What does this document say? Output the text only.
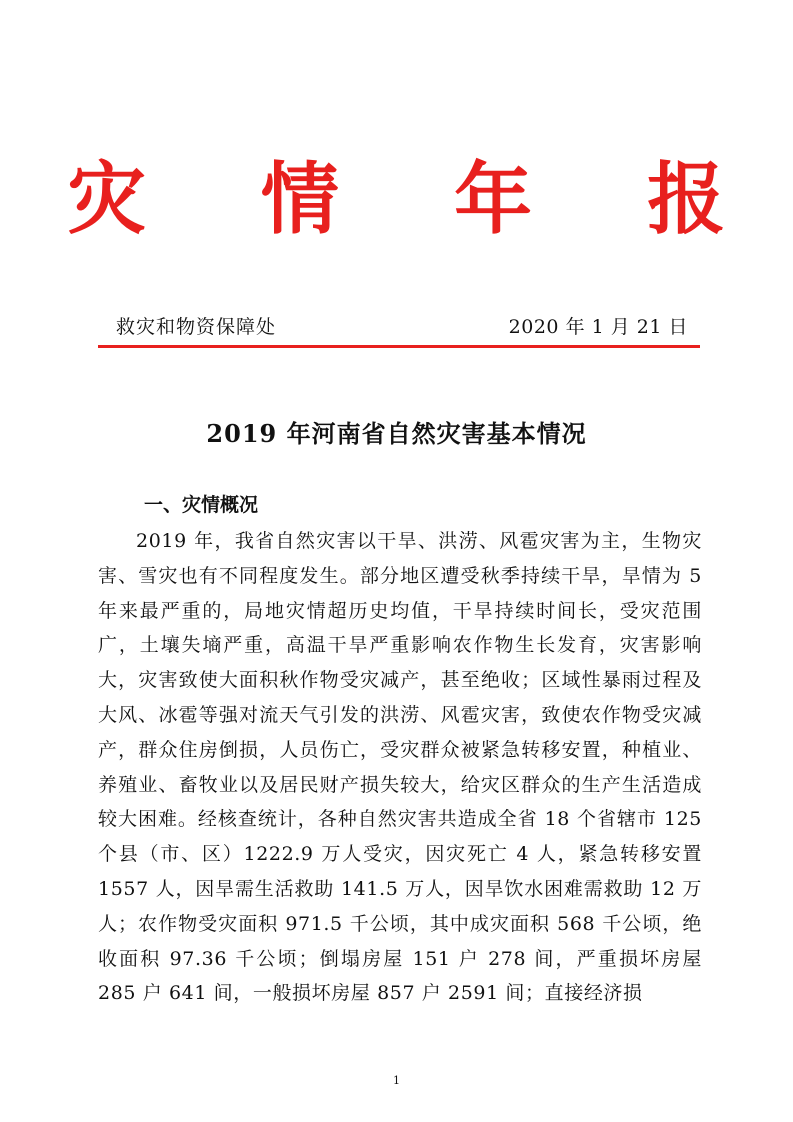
灾 情 年 报
救灾和物资保障处	2020 年 1 月 21 日
2019 年河南省自然灾害基本情况
一、灾情概况

2019 年，我省自然灾害以干旱、洪涝、风雹灾害为主，生物灾害、雪灾也有不同程度发生。部分地区遭受秋季持续干旱，旱情为 5 年来最严重的，局地灾情超历史均值，干旱持续时间长，受灾范围广，土壤失墒严重，高温干旱严重影响农作物生长发育，灾害影响大，灾害致使大面积秋作物受灾减产，甚至绝收；区域性暴雨过程及大风、冰雹等强对流天气引发的洪涝、风雹灾害，致使农作物受灾减产，群众住房倒损，人员伤亡，受灾群众被紧急转移安置，种植业、养殖业、畜牧业以及居民财产损失较大，给灾区群众的生产生活造成较大困难。经核查统计，各种自然灾害共造成全省 18 个省辖市 125 个县（市、区）1222.9 万人受灾，因灾死亡 4 人，紧急转移安置 1557 人，因旱需生活救助 141.5 万人，因旱饮水困难需救助 12 万人；农作物受灾面积 971.5 千公顷，其中成灾面积 568 千公顷，绝收面积 97.36 千公顷；倒塌房屋 151 户 278 间，严重损坏房屋 285 户 641 间，一般损坏房屋 857 户 2591 间；直接经济损

1
